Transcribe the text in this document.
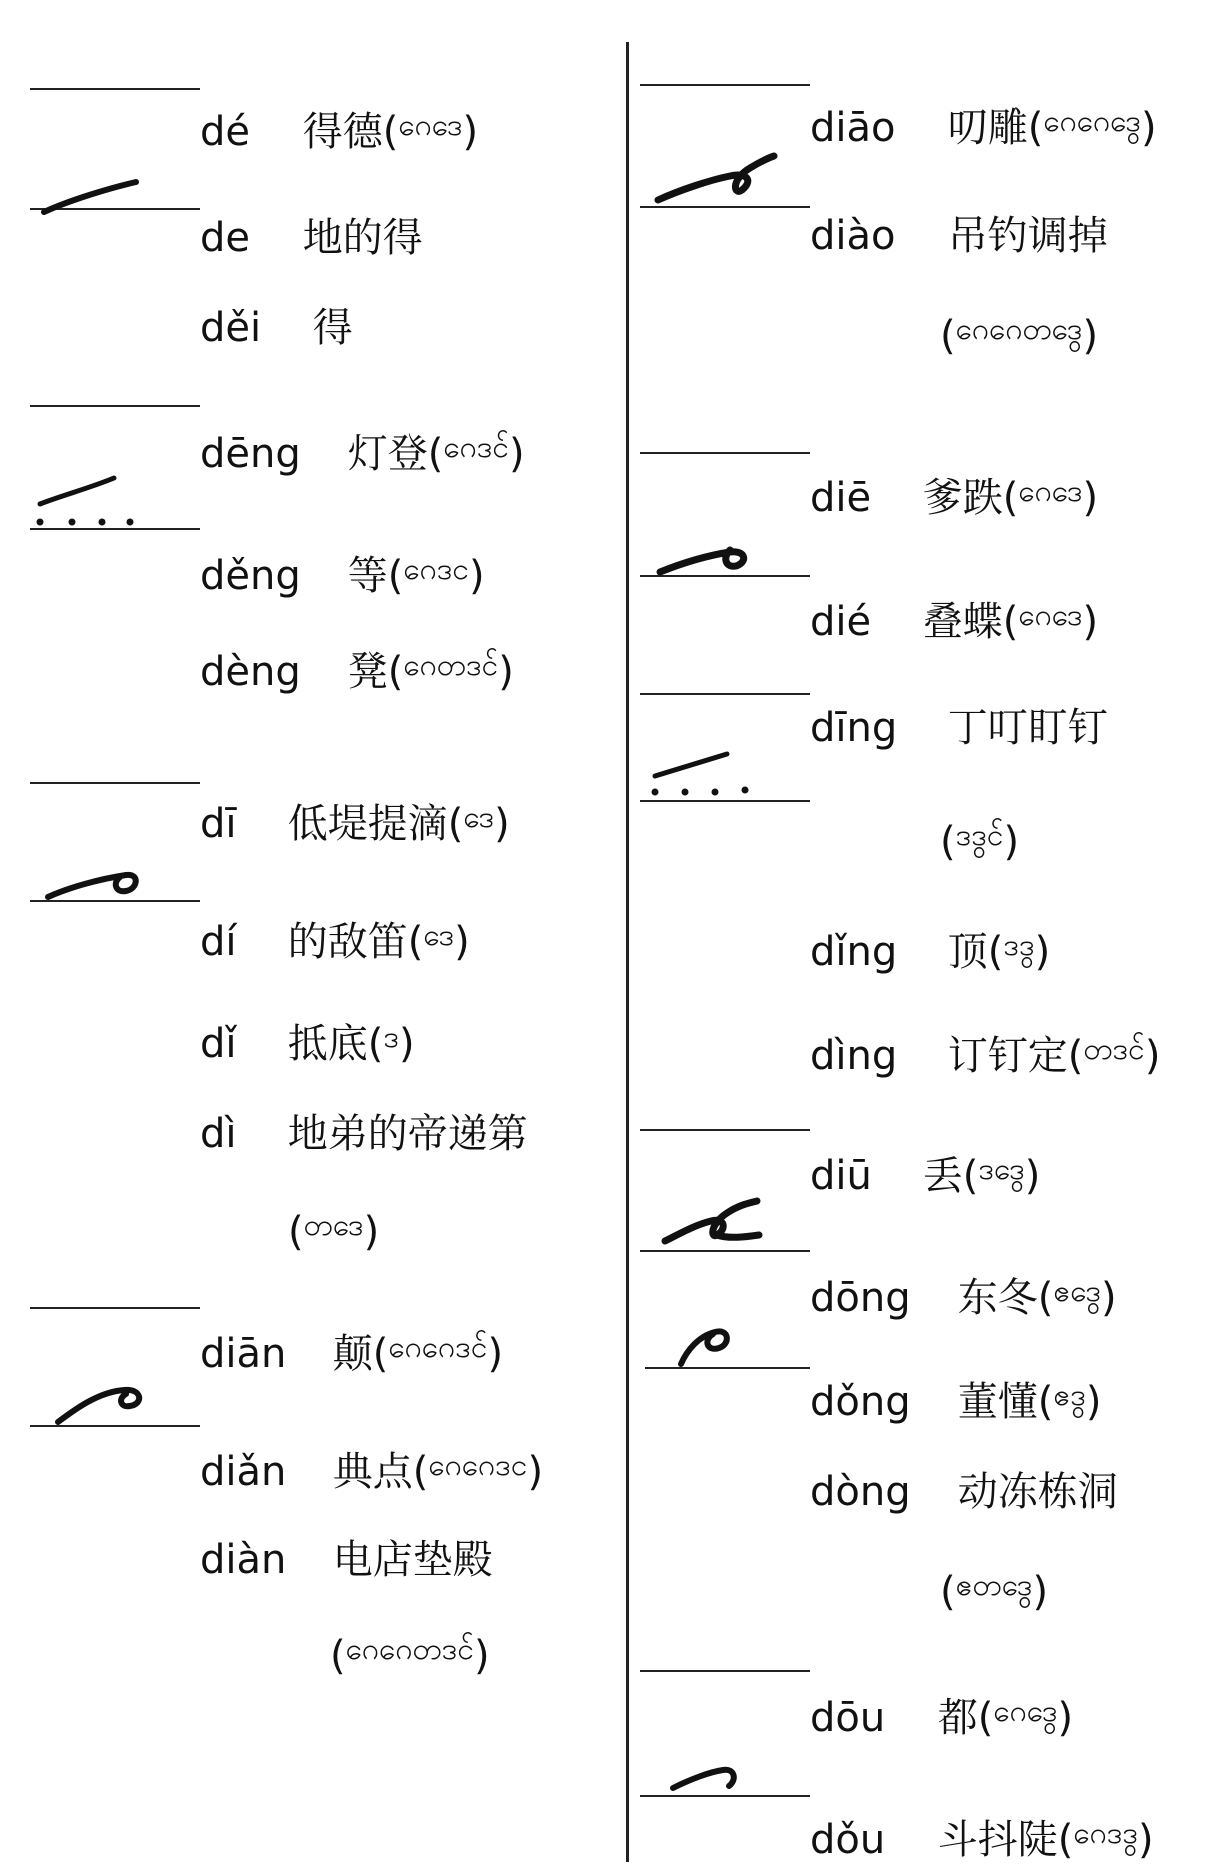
dé 得德($^{ဂေဒေ}$)
de 地的得
děi 得
dēng 灯登($^{ဂေဒင်}$)
děng 等($^{ဂေဒင}$)
dèng 凳($^{ဂေတဒင်}$)
dī 低堤提滴($^{ဒေ}$)
dí 的敌笛($^{ဒေ}$)
dǐ 抵底($^ဒ$)
dì 地弟的帝递第
($^{တဒေ}$)
diān 颠($^{ဂေဂေဒင်}$)
diǎn 典点($^{ဂေဂေဒင}$)
diàn 电店垫殿
($^{ဂေဂေတဒင်}$)
diāo 叨雕($^{ဂေဂေဒွေ}$)
diào 吊钓调掉
($^{ဂေဂေတဒွေ}$)
diē 爹跌($^{ဂေဒေ}$)
dié 叠蝶($^{ဂေဒေ}$)
dīng 丁叮盯钉
($^{ဒဒွင်}$)
dǐng 顶($^{ဒဒွ}$)
dìng 订钉定($^{တဒင်}$)
diū 丢($^{ဒဒွေ}$)
dōng 东冬($^{ဧဒွေ}$)
dǒng 董懂($^{ဧဒွ}$)
dòng 动冻栋洞
($^{ဧတဒွေ}$)
dōu 都($^{ဂေဒွေ}$)
dǒu 斗抖陡($^{ဂေဒဒွ}$)
